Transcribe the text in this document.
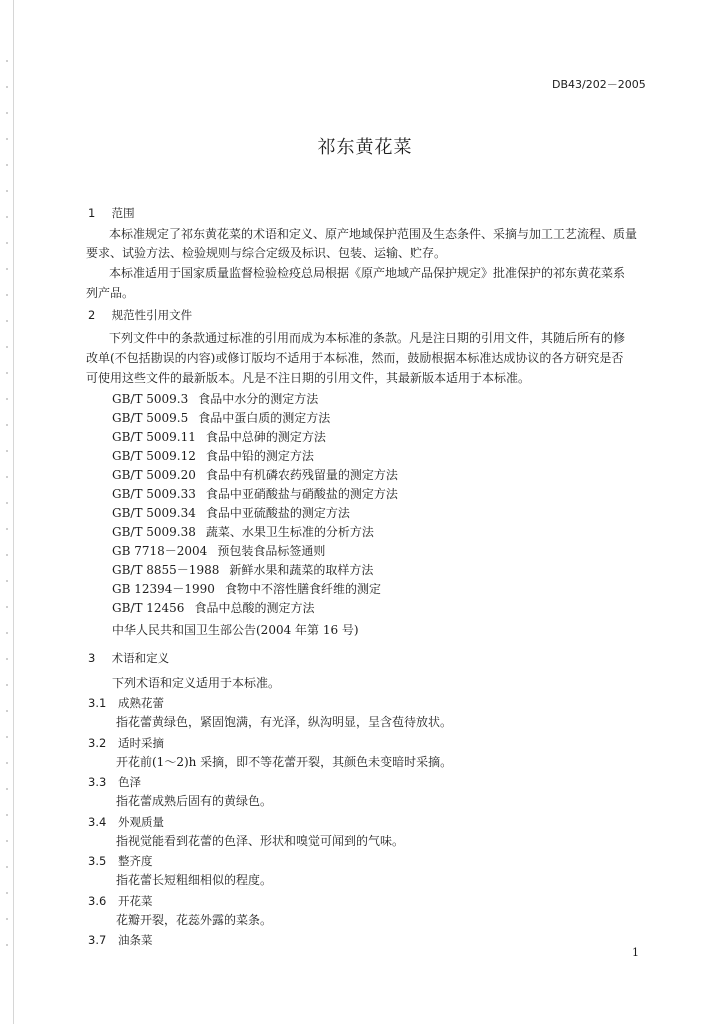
DB43/202－2005
祁东黄花菜
1 范围
本标准规定了祁东黄花菜的术语和定义、原产地域保护范围及生态条件、采摘与加工工艺流程、质量
要求、试验方法、检验规则与综合定级及标识、包装、运输、贮存。
本标准适用于国家质量监督检验检疫总局根据《原产地域产品保护规定》批准保护的祁东黄花菜系
列产品。
2 规范性引用文件
下列文件中的条款通过标准的引用而成为本标准的条款。凡是注日期的引用文件，其随后所有的修
改单(不包括勘误的内容)或修订版均不适用于本标准，然而，鼓励根据本标准达成协议的各方研究是否
可使用这些文件的最新版本。凡是不注日期的引用文件，其最新版本适用于本标准。
GB/T 5009.3 食品中水分的测定方法
GB/T 5009.5 食品中蛋白质的测定方法
GB/T 5009.11 食品中总砷的测定方法
GB/T 5009.12 食品中铅的测定方法
GB/T 5009.20 食品中有机磷农药残留量的测定方法
GB/T 5009.33 食品中亚硝酸盐与硝酸盐的测定方法
GB/T 5009.34 食品中亚硫酸盐的测定方法
GB/T 5009.38 蔬菜、水果卫生标准的分析方法
GB 7718－2004 预包装食品标签通则
GB/T 8855－1988 新鲜水果和蔬菜的取样方法
GB 12394－1990 食物中不溶性膳食纤维的测定
GB/T 12456 食品中总酸的测定方法
中华人民共和国卫生部公告(2004 年第 16 号)
3 术语和定义
下列术语和定义适用于本标准。
3.1 成熟花蕾
指花蕾黄绿色，紧固饱满，有光泽，纵沟明显，呈含苞待放状。
3.2 适时采摘
开花前(1～2)h 采摘，即不等花蕾开裂，其颜色未变暗时采摘。
3.3 色泽
指花蕾成熟后固有的黄绿色。
3.4 外观质量
指视觉能看到花蕾的色泽、形状和嗅觉可闻到的气味。
3.5 整齐度
指花蕾长短粗细相似的程度。
3.6 开花菜
花瓣开裂，花蕊外露的菜条。
3.7 油条菜
1
